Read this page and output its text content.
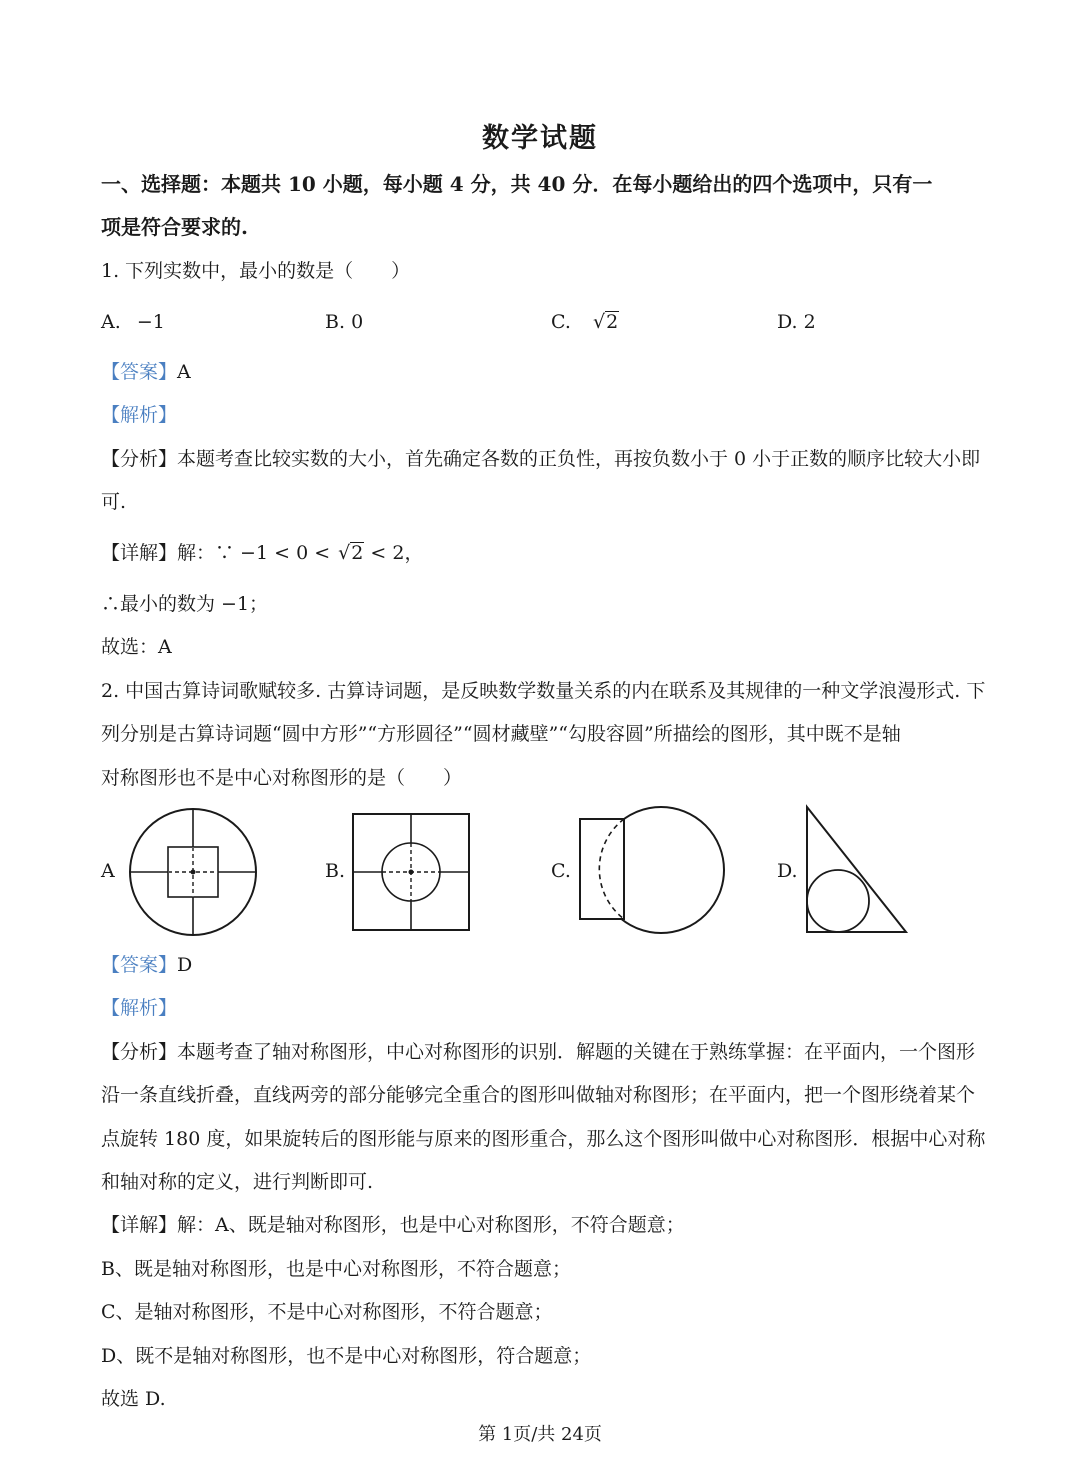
数学试题
一、选择题：本题共 10 小题，每小题 4 分，共 40 分．在每小题给出的四个选项中，只有一
项是符合要求的.
1. 下列实数中，最小的数是（　　）
A. −1	B. 0	C. √2	D. 2
【答案】A
【解析】
【分析】本题考查比较实数的大小，首先确定各数的正负性，再按负数小于 0 小于正数的顺序比较大小即
可.
【详解】解：∵ −1 < 0 < √2 < 2，
∴最小的数为 −1；
故选：A
2. 中国古算诗词歌赋较多. 古算诗词题，是反映数学数量关系的内在联系及其规律的一种文学浪漫形式. 下
列分别是古算诗词题“圆中方形”“方形圆径”“圆材藏壁”“勾股容圆”所描绘的图形，其中既不是轴
对称图形也不是中心对称图形的是（　　）
A	B.	C.	D.
【答案】D
【解析】
【分析】本题考查了轴对称图形，中心对称图形的识别．解题的关键在于熟练掌握：在平面内，一个图形
沿一条直线折叠，直线两旁的部分能够完全重合的图形叫做轴对称图形；在平面内，把一个图形绕着某个
点旋转 180 度，如果旋转后的图形能与原来的图形重合，那么这个图形叫做中心对称图形．根据中心对称
和轴对称的定义，进行判断即可.
【详解】解：A、既是轴对称图形，也是中心对称图形，不符合题意；
B、既是轴对称图形，也是中心对称图形，不符合题意；
C、是轴对称图形，不是中心对称图形，不符合题意；
D、既不是轴对称图形，也不是中心对称图形，符合题意；
故选 D.
第 1页/共 24页
